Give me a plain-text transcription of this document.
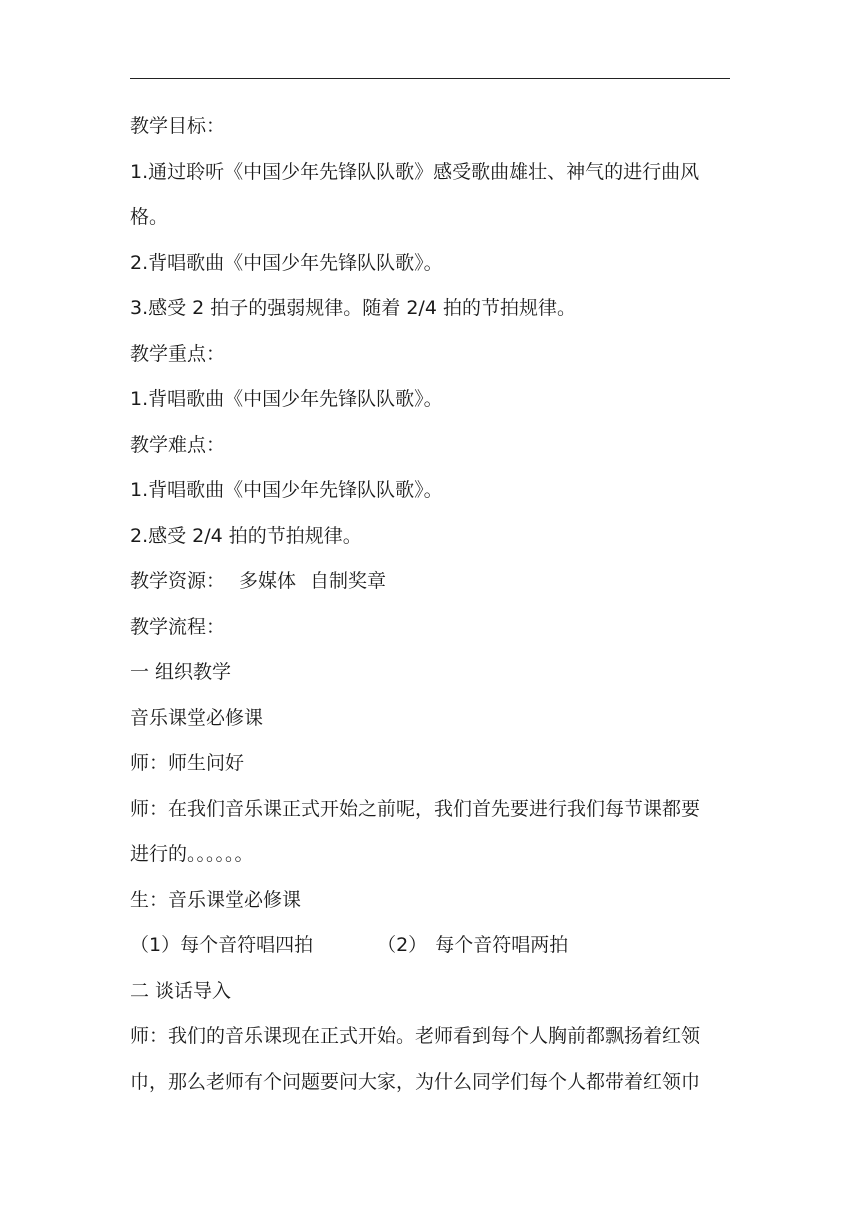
教学目标：
1.通过聆听《中国少年先锋队队歌》感受歌曲雄壮、神气的进行曲风
格。
2.背唱歌曲《中国少年先锋队队歌》。
3.感受 2 拍子的强弱规律。随着 2/4 拍的节拍规律。
教学重点：
1.背唱歌曲《中国少年先锋队队歌》。
教学难点：
1.背唱歌曲《中国少年先锋队队歌》。
2.感受 2/4 拍的节拍规律。
教学资源： 多媒体 自制奖章
教学流程：
一 组织教学
音乐课堂必修课
师：师生问好
师：在我们音乐课正式开始之前呢，我们首先要进行我们每节课都要
进行的。。。。。。
生：音乐课堂必修课
（1）每个音符唱四拍	（2） 每个音符唱两拍
二 谈话导入
师：我们的音乐课现在正式开始。老师看到每个人胸前都飘扬着红领
巾，那么老师有个问题要问大家，为什么同学们每个人都带着红领巾
